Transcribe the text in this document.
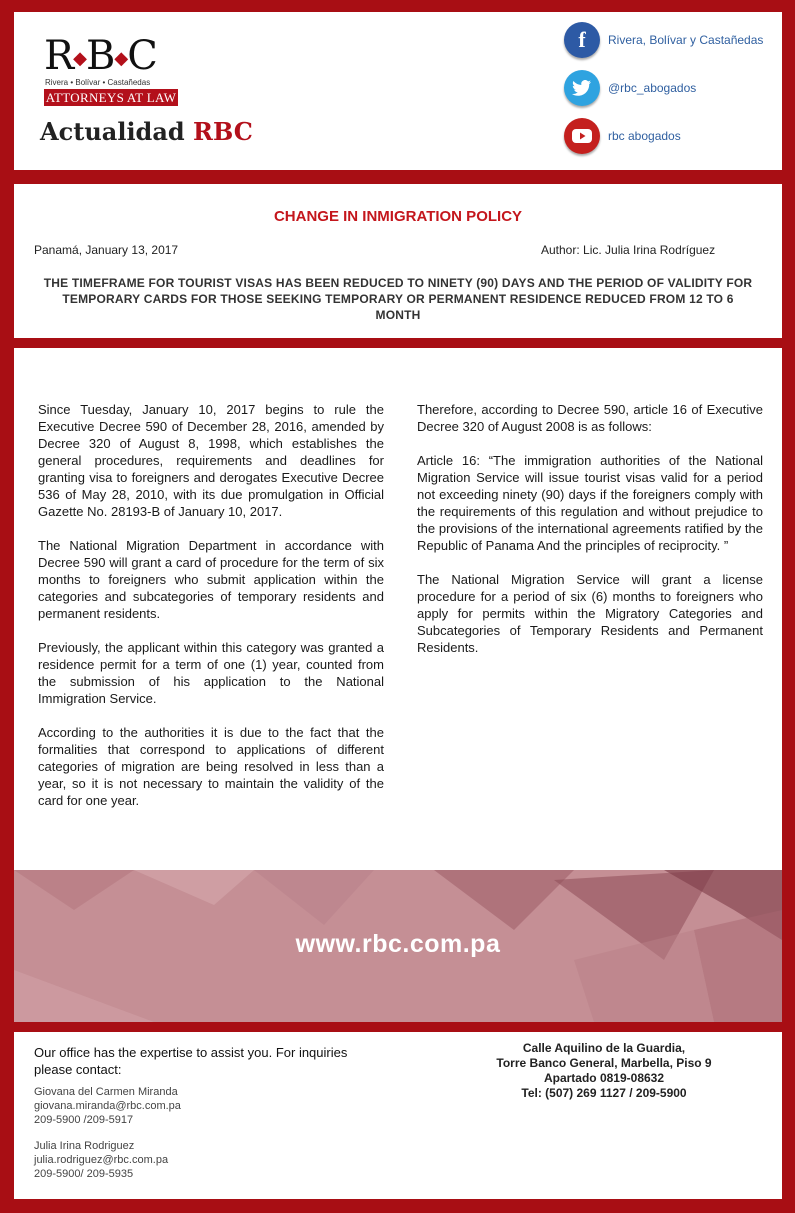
R◆B◆C
Rivera • Bolívar • Castañedas
ATTORNEYS AT LAW
Actualidad RBC
f	Rivera, Bolívar y Castañedas
@rbc_abogados
rbc abogados
CHANGE IN INMIGRATION POLICY
Panamá, January 13, 2017	Author: Lic. Julia Irina Rodríguez
THE TIMEFRAME FOR TOURIST VISAS HAS BEEN REDUCED TO NINETY (90) DAYS AND THE PERIOD OF VALIDITY FOR TEMPORARY CARDS FOR THOSE SEEKING TEMPORARY OR PERMANENT RESIDENCE REDUCED FROM 12 TO 6 MONTH

Since Tuesday, January 10, 2017 begins to rule the Executive Decree 590 of December 28, 2016, amended by Decree 320 of August 8, 1998, which establishes the general procedures, requirements and deadlines for granting visa to foreigners and derogates Executive Decree 536 of May 28, 2010, with its due promulgation in Official Gazette No. 28193-B of January 10, 2017.

The National Migration Department in accordance with Decree 590 will grant a card of procedure for the term of six months to foreigners who submit application within the categories and subcategories of temporary residents and permanent residents.

Previously, the applicant within this category was granted a residence permit for a term of one (1) year, counted from the submission of his application to the National Immigration Service.

According to the authorities it is due to the fact that the formalities that correspond to applications of different categories of migration are being resolved in less than a year, so it is not necessary to maintain the validity of the card for one year.

Therefore, according to Decree 590, article 16 of Executive Decree 320 of August 2008 is as follows:

Article 16: “The immigration authorities of the National Migration Service will issue tourist visas valid for a period not exceeding ninety (90) days if the foreigners comply with the requirements of this regulation and without prejudice to the provisions of the international agreements ratified by the Republic of Panama And the principles of reciprocity. ”

The National Migration Service will grant a license procedure for a period of six (6) months to foreigners who apply for permits within the Migratory Categories and Subcategories of Temporary Residents and Permanent Residents.

www.rbc.com.pa
Our office has the expertise to assist you. For inquiries please contact:
Giovana del Carmen Miranda
giovana.miranda@rbc.com.pa
209-5900 /209-5917
Julia Irina Rodriguez
julia.rodriguez@rbc.com.pa
209-5900/ 209-5935
Calle Aquilino de la Guardia,
Torre Banco General, Marbella, Piso 9
Apartado 0819-08632
Tel: (507) 269 1127 / 209-5900
